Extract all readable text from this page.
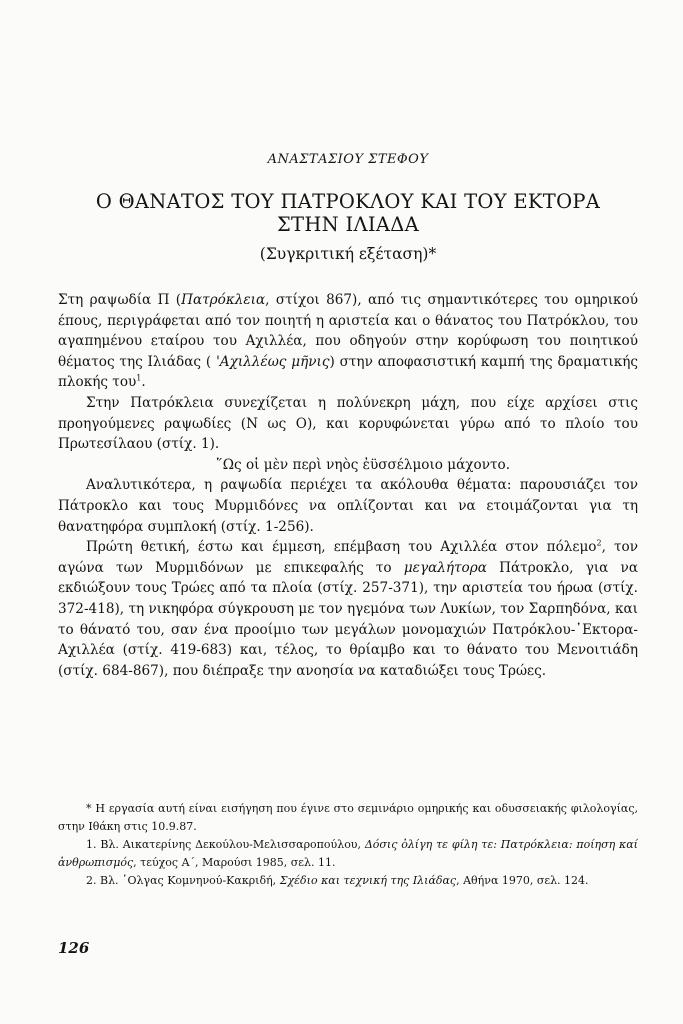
ΑΝΑΣΤΑΣΙΟΥ ΣΤΕΦΟΥ
Ο ΘΑΝΑΤΟΣ ΤΟΥ ΠΑΤΡΟΚΛΟΥ ΚΑΙ ΤΟΥ ΕΚΤΟΡΑ
ΣΤΗΝ ΙΛΙΑΔΑ
(Συγκριτική εξέταση)*

Στη ραψωδία Π (Πατρόκλεια, στίχοι 867), από τις σημαντικότερες του ομηρικού έπους, περιγράφεται από τον ποιητή η αριστεία και ο θάνατος του Πατρόκλου, του αγαπημένου εταίρου του Αχιλλέα, που οδηγούν στην κορύφωση του ποιητικού θέματος της Ιλιάδας ( 'Αχιλλέως μῆνις) στην αποφασιστική καμπή της δραματικής πλοκής του$^1$.

Στην Πατρόκλεια συνεχίζεται η πολύνεκρη μάχη, που είχε αρχίσει στις προηγούμενες ραψωδίες (Ν ως Ο), και κορυφώνεται γύρω από το πλοίο του Πρωτεσίλαου (στίχ. 1).

῞Ως οἱ μὲν περὶ νηὸς ἐϋσσέλμοιο μάχοντο.

Αναλυτικότερα, η ραψωδία περιέχει τα ακόλουθα θέματα: παρουσιάζει τον Πάτροκλο και τους Μυρμιδόνες να οπλίζονται και να ετοιμάζονται για τη θανατηφόρα συμπλοκή (στίχ. 1-256).

Πρώτη θετική, έστω και έμμεση, επέμβαση του Αχιλλέα στον πόλεμο$^2$, τον αγώνα των Μυρμιδόνων με επικεφαλής το μεγαλήτορα Πάτροκλο, για να εκδιώξουν τους Τρώες από τα πλοία (στίχ. 257-371), την αριστεία του ήρωα (στίχ. 372-418), τη νικηφόρα σύγκρουση με τον ηγεμόνα των Λυκίων, τον Σαρπηδόνα, και το θάνατό του, σαν ένα προοίμιο των μεγάλων μονομαχιών Πατρόκλου-᾽Εκτορα-Αχιλλέα (στίχ. 419-683) και, τέλος, το θρίαμβο και το θάνατο του Μενοιτιάδη (στίχ. 684-867), που διέπραξε την ανοησία να καταδιώξει τους Τρώες.

* Η εργασία αυτή είναι εισήγηση που έγινε στο σεμινάριο ομηρικής και οδυσσειακής φιλολογίας, στην Ιθάκη στις 10.9.87.

1. Βλ. Αικατερίνης Δεκούλου-Μελισσαροπούλου, Δόσις ὀλίγη τε φίλη τε: Πατρόκλεια: ποίηση καί ἀνθρωπισμός, τεύχος Α΄, Μαρούσι 1985, σελ. 11.

2. Βλ. ῾Ολγας Κομνηνού-Κακριδή, Σχέδιο και τεχνική της Ιλιάδας, Αθήνα 1970, σελ. 124.

126
